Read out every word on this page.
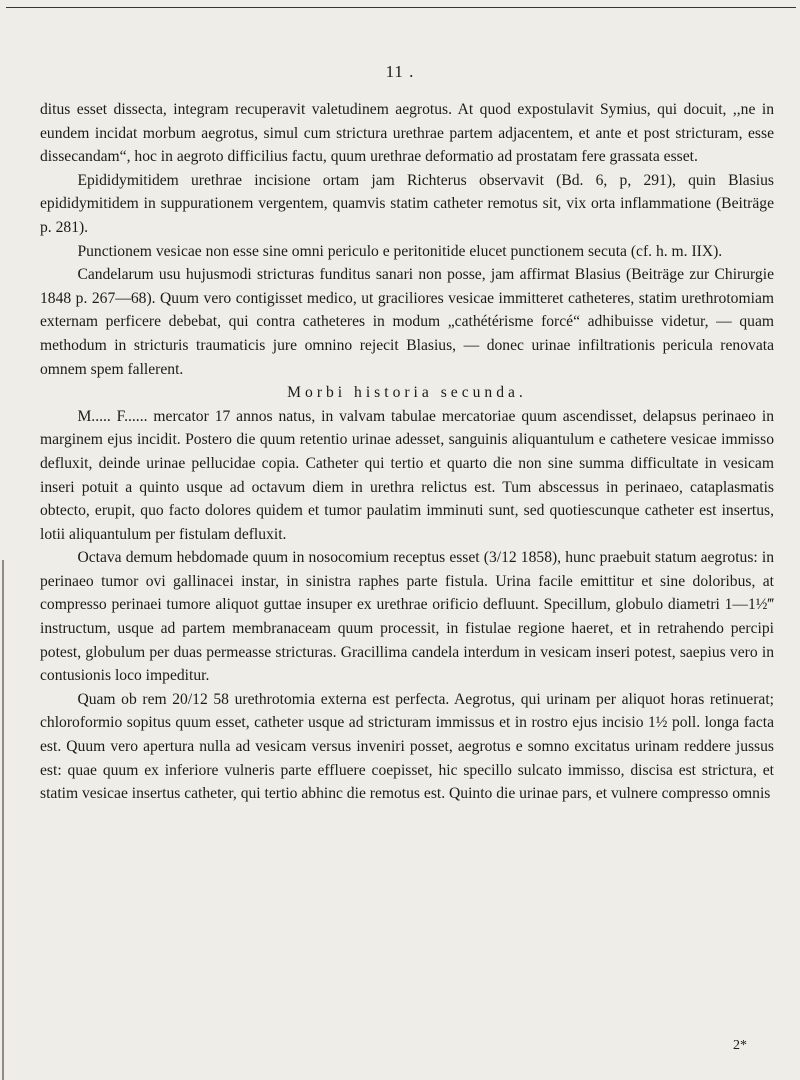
11 .

ditus esset dissecta, integram recuperavit valetudinem aegrotus. At quod expostulavit Symius, qui docuit, ,,ne in eundem incidat morbum aegrotus, simul cum strictura urethrae partem adjacentem, et ante et post stricturam, esse dissecandam“, hoc in aegroto difficilius factu, quum urethrae deformatio ad prostatam fere grassata esset.

Epididymitidem urethrae incisione ortam jam Richterus observavit (Bd. 6, p, 291), quin Blasius epididymitidem in suppurationem vergentem, quamvis statim catheter remotus sit, vix orta inflammatione (Beiträge p. 281).

Punctionem vesicae non esse sine omni periculo e peritonitide elucet punctionem secuta (cf. h. m. IIX).

Candelarum usu hujusmodi stricturas funditus sanari non posse, jam affirmat Blasius (Beiträge zur Chirurgie 1848 p. 267—68). Quum vero contigisset medico, ut graciliores vesicae immitteret catheteres, statim urethrotomiam externam perficere debebat, qui contra catheteres in modum „cathétérisme forcé“ adhibuisse videtur, — quam methodum in stricturis traumaticis jure omnino rejecit Blasius, — donec urinae infiltrationis pericula renovata omnem spem fallerent.

Morbi historia secunda.

M..... F...... mercator 17 annos natus, in valvam tabulae mercatoriae quum ascendisset, delapsus perinaeo in marginem ejus incidit. Postero die quum retentio urinae adesset, sanguinis aliquantulum e cathetere vesicae immisso defluxit, deinde urinae pellucidae copia. Catheter qui tertio et quarto die non sine summa difficultate in vesicam inseri potuit a quinto usque ad octavum diem in urethra relictus est. Tum abscessus in perinaeo, cataplasmatis obtecto, erupit, quo facto dolores quidem et tumor paulatim imminuti sunt, sed quotiescunque catheter est insertus, lotii aliquantulum per fistulam defluxit.

Octava demum hebdomade quum in nosocomium receptus esset (3/12 1858), hunc praebuit statum aegrotus: in perinaeo tumor ovi gallinacei instar, in sinistra raphes parte fistula. Urina facile emittitur et sine doloribus, at compresso perinaei tumore aliquot guttae insuper ex urethrae orificio defluunt. Specillum, globulo diametri 1—1½‴ instructum, usque ad partem membranaceam quum processit, in fistulae regione haeret, et in retrahendo percipi potest, globulum per duas permeasse stricturas. Gracillima candela interdum in vesicam inseri potest, saepius vero in contusionis loco impeditur.

Quam ob rem 20/12 58 urethrotomia externa est perfecta. Aegrotus, qui urinam per aliquot horas retinuerat; chloroformio sopitus quum esset, catheter usque ad stricturam immissus et in rostro ejus incisio 1½ poll. longa facta est. Quum vero apertura nulla ad vesicam versus inveniri posset, aegrotus e somno excitatus urinam reddere jussus est: quae quum ex inferiore vulneris parte effluere coepisset, hic specillo sulcato immisso, discisa est strictura, et statim vesicae insertus catheter, qui tertio abhinc die remotus est. Quinto die urinae pars, et vulnere compresso omnis

2*
